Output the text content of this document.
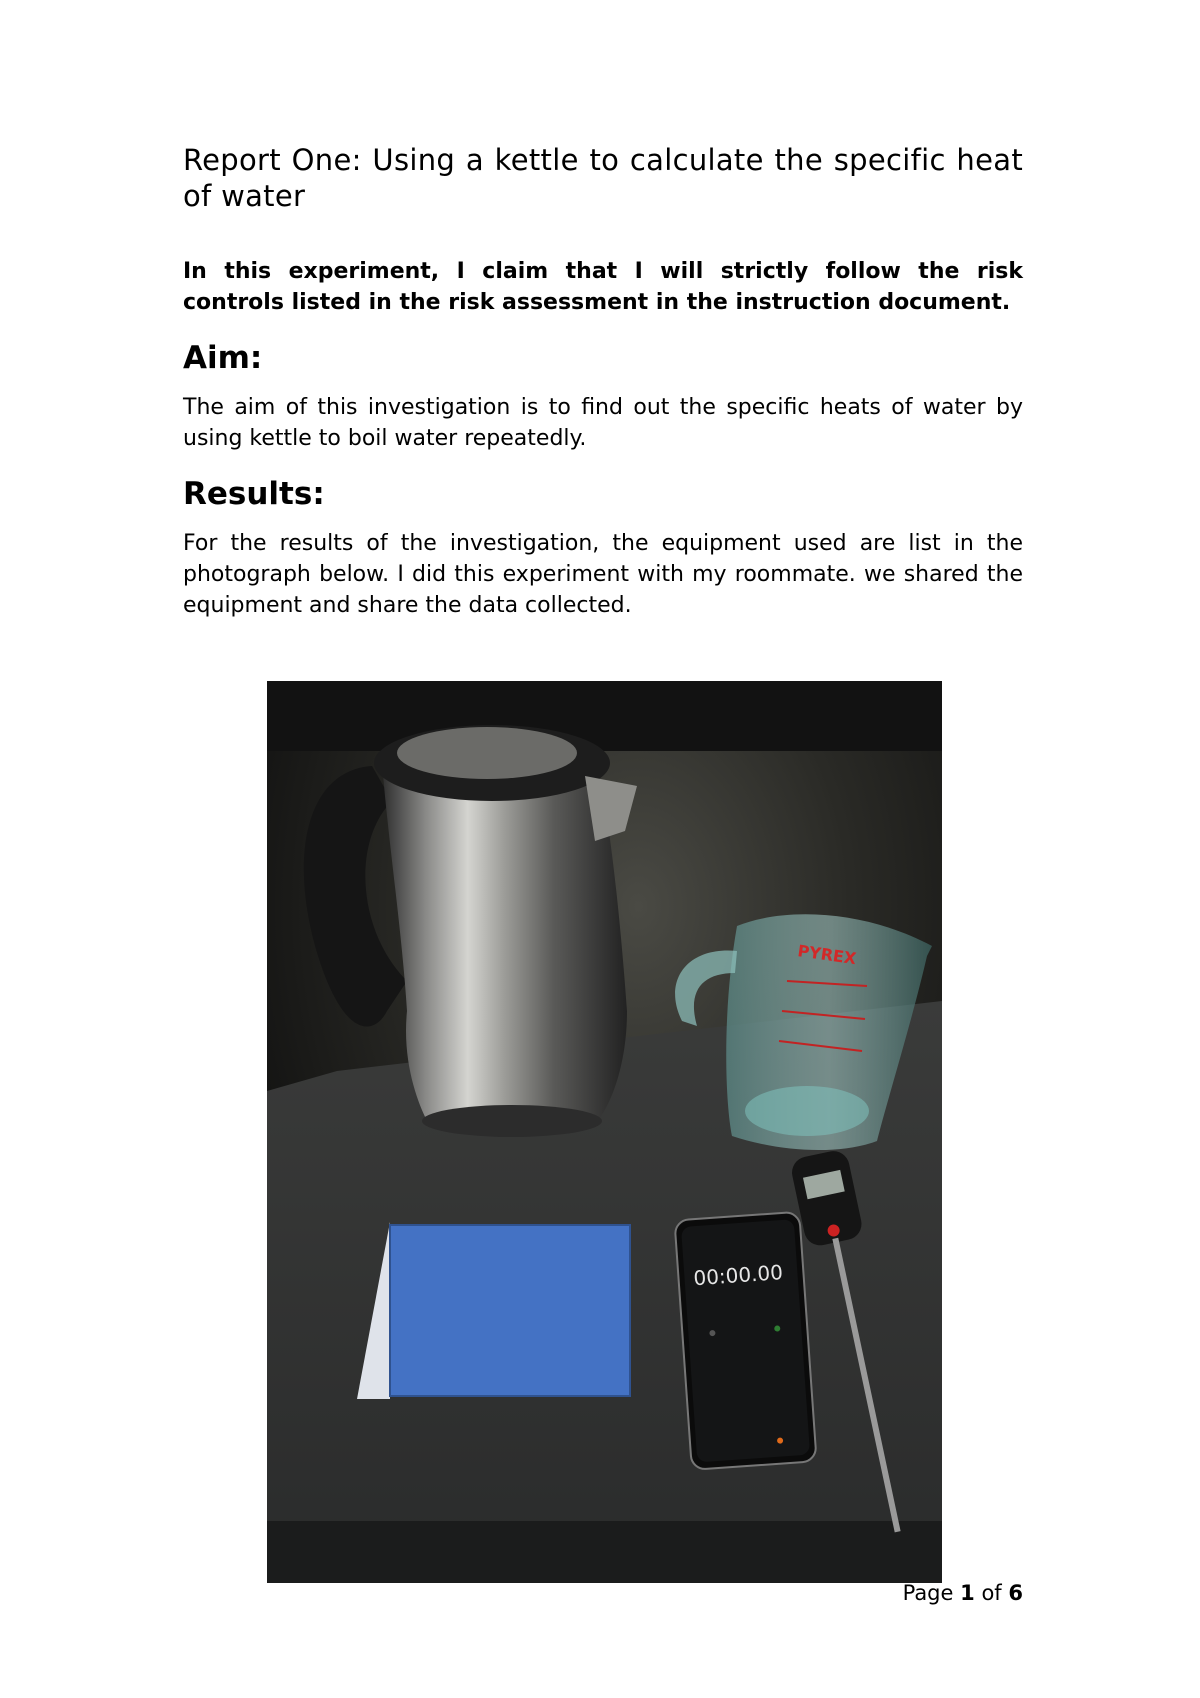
Report One: Using a kettle to calculate the specific heat of water

In this experiment, I claim that I will strictly follow the risk controls listed in the risk assessment in the instruction document.

Aim:

The aim of this investigation is to find out the specific heats of water by using kettle to boil water repeatedly.

Results:

For the results of the investigation, the equipment used are list in the photograph below. I did this experiment with my roommate. we shared the equipment and share the data collected.

PYREX
00:00.00
Page 1 of 6
